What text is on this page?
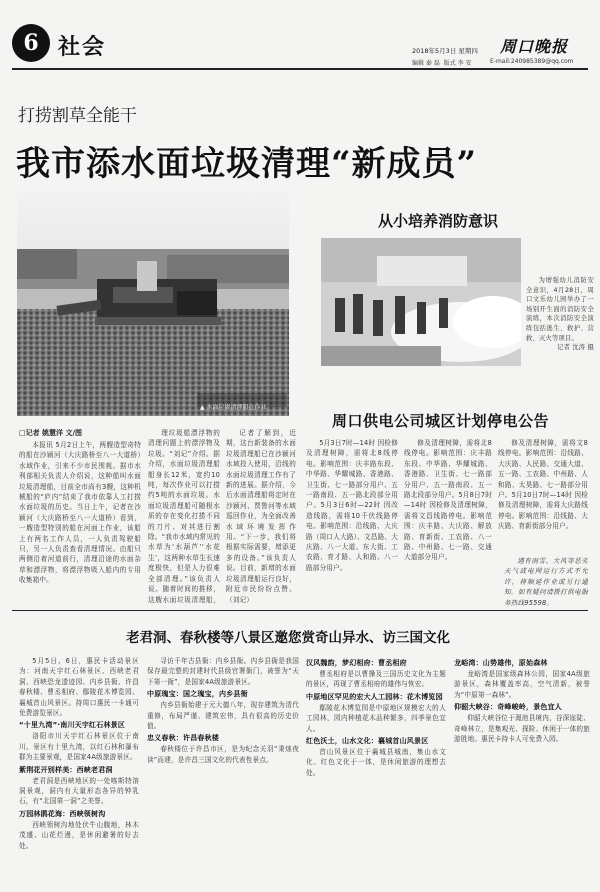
6 社会	2018年5月3日 星期四
编辑 秦 磊 版式 李 安
周口晚报
E-mail:240985389@qq.com
打捞割草全能干
我市添水面垃圾清理“新成员”
▲ 水面垃圾清理船在作业
□记者 姚慧洋 文/图

本报讯 5月2日上午，两艘造型奇特的船在沙颍河（大庆路桥至八一大道桥）水域作业，引来不少市民围观。据市水利部相关负责人介绍说，这种船叫水面垃圾清理船，目前全市尚有3艘，这种机械船的“庐内”结束了我市依靠人工打捞水面垃圾的历史。当日上午，记者在沙颍河（大庆路桥至八一大道桥）看到，一艘造型特别的船在河面上作业，该船上有两名工作人员，一人负责驾驶船只，另一人负责查看清理情况。由船只两侧沿着河道前行，清理沿途的水面杂草和漂浮物，将漂浮物吸入船内的专用收集箱中。

理垃圾船漂浮物的清理问题上的漂浮物及垃圾。“刘记”介绍。据介绍，水面垃圾清理船船身长12米，宽约10吨，每次作业可以打捞约5吨的水面垃圾。水面垃圾清理船可随根水质的存在变化打捞不同的刀片、对其进行割除。“我市水域内常见的水草为‘水葫芦’‘水花生’，这两种水草生长速度极快，但是人力很难全部清理。”该负责人说。随着时间的推移，这艘水面垃圾清理船，

记者了解到，近期，这台新装备的水面垃圾清理船已在沙颍河水域投入使用，沿线的水面垃圾清理工作有了新的进展。据介绍，今后水面清理船将定时在沙颍河、贾鲁河等水域巡回作业，为全面改善水域环境发挥作用。“下一步，我们将根据实际需要，增添更多的设备。”该负责人说。目前，新增的水面垃圾清理船运行良好，附近市民纷纷点赞。（刘记）

从小培养消防意识

为增强幼儿消防安全意识，4月28日，周口文乐幼儿园举办了一场别开生面的消防安全演练，本次消防安全演练包括逃生、救护、营救、灭火等项目。

记者 沈涛 摄
周口供电公司城区计划停电公告

5月3日7时—14时 因检修及清理树障，需将北8线停电。影响范围：庆丰路东段、中华路、华耀城路、香港路、卫生街、七一路部分用户、五一路南段、五一路北段部分用户。5月3日6时—22时 因改造线路，需将10千伏线路停电。影响范围：沿线路、大庆路（周口人大路）、文昌路、大庆路、八一大道、东大街、工农路、育才路、人和路、八一路部分用户。

修及清理树障，需将北8线停电。影响范围：庆丰路东段、中华路、华耀城路、香港路、卫生街、七一路部分用户、五一路南段、五一路北段部分用户。5月8日7时—14时 因检修及清理树障，需将文昌线路停电。影响范围：庆丰路、大庆路、解放路、育新街、工农路、八一路、中州路、七一路、交通大道部分用户。

修及清理树障，需将文8线停电。影响范围：沿线路、大庆路、人民路、交通大道、五一路、工农路、中州路、人和路、太昊路、七一路部分用户。5月10日7时—14时 因检修及清理树障，需将大庆路线停电。影响范围：沿线路、大庆路、育新街部分用户。

遇有雨雪、大风等恶劣天气或电网运行方式不允许，将顺延作业或另行通知。如有疑问请拨打供电服务热线95598。

老君洞、春秋楼等八景区邀您赏奇山异水、访三国文化

5月5日、6日，惠民卡活动景区为：河南天宇红石林景区、西峡老君洞、西峡恐龙遗迹园、内乡县衙、许昌春秋楼、曹丞相府、鄢陵花木博览园、襄城首山风景区。持周口惠民一卡通可免费游览景区。

“十里九湾”·南川天宇红石林景区

洛阳市川天宇红石林景区位于南川。景区有十里九湾，以红石林和瀑布群为主要景观，是国家4A级旅游景区。

紫荆花开别样美：西峡老君洞

老君洞是西峡地区的一处喀斯特溶洞景观，洞内有大量形态各异的钟乳石，有“北国第一洞”之美誉。

万园林鹃花海：西峡领树沟

西峡领树沟地处伏牛山腹地，林木茂盛、山花烂漫，是休闲避暑的好去处。

寻访千年古县衙：内乡县衙。内乡县衙是我国保存最完整的封建时代县级官署衙门，被誉为“天下第一衙”，是国家4A级旅游景区。

中原瑰宝：国之瑰宝，内乡县衙

内乡县衙始建于元大德八年，现存建筑为清代重修，布局严谨、建筑宏伟，具有很高的历史价值。

忠义春秋：许昌春秋楼

春秋楼位于许昌市区，是为纪念关羽“秉烛夜读”而建，是许昌三国文化的代表性景点。

汉风魏韵，梦幻相府：曹丞相府

曹丞相府是以曹操及三国历史文化为主题的景区，再现了曹丞相府的雄伟与恢宏。

中原地区罕见的宏大人工园林：花木博览园

鄢陵花木博览园是中原地区规模宏大的人工园林，园内种植花木品种繁多，四季景色宜人。

红色沃土，山水文化：襄城首山风景区

首山风景区位于襄城县城南，集山水文化、红色文化于一体，是休闲旅游的理想去处。

龙峪湾：山势雄伟，原始森林

龙峪湾是国家级森林公园，国家4A级旅游景区，森林覆盖率高，空气清新，被誉为“中原第一森林”。

仰韶大峡谷：奇峰峻岭，景色宜人

仰韶大峡谷位于渑池县境内，谷深崖陡、奇峰林立，是集观光、探险、休闲于一体的旅游胜地。惠民卡持卡人可免费入园。
